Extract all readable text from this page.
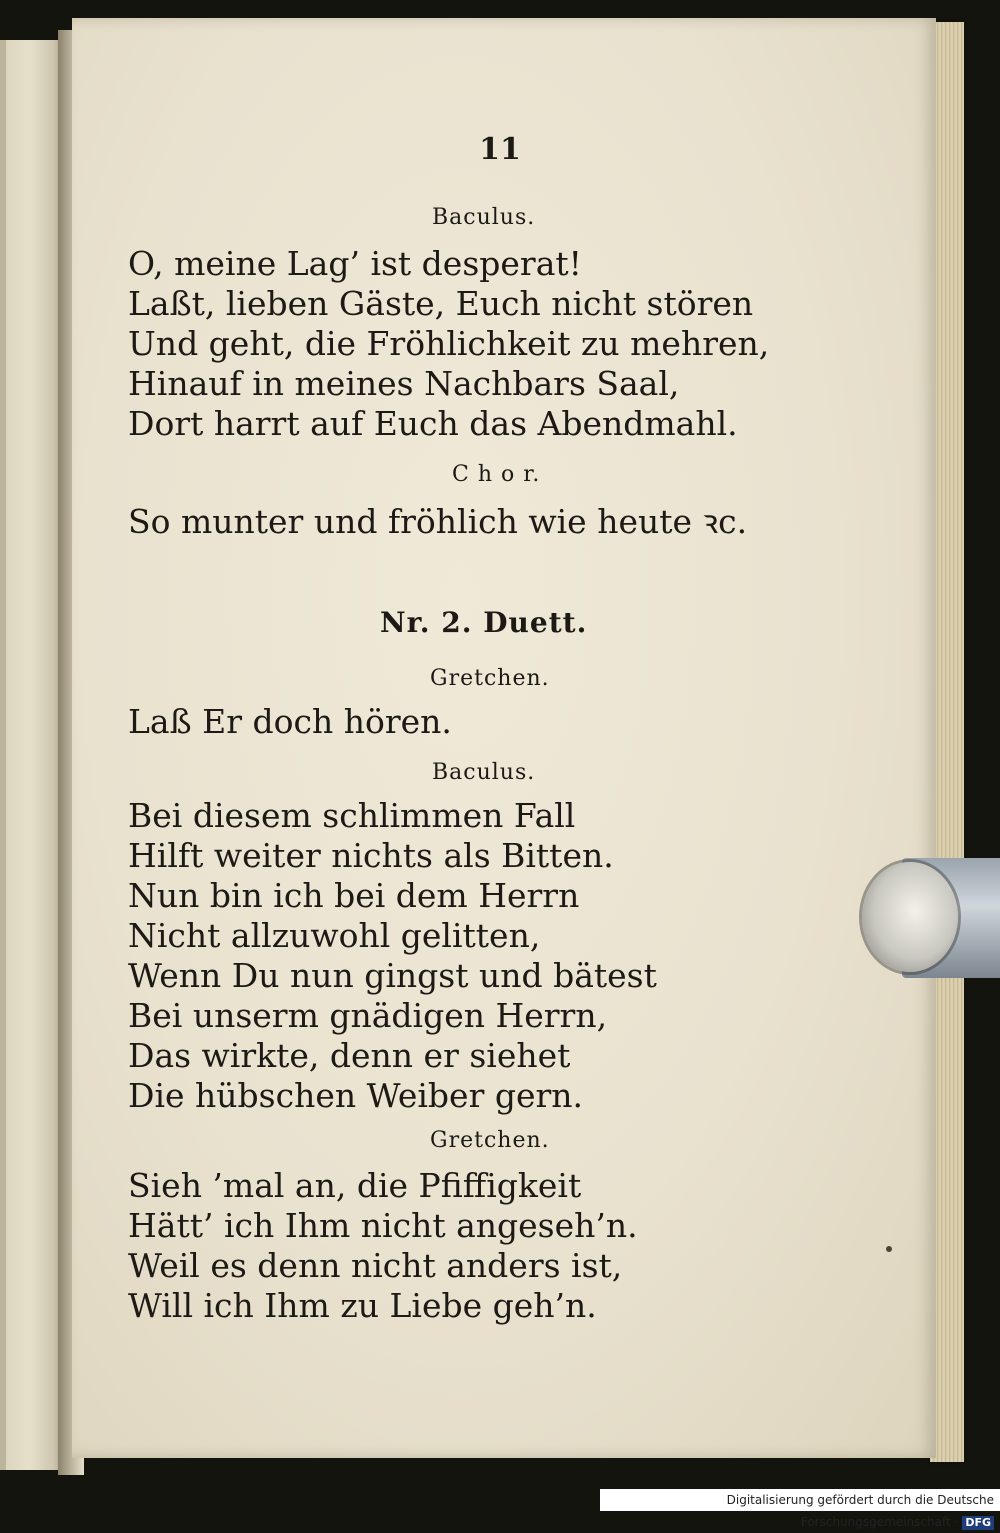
11
Baculus.
O, meine Lag’ ist desperat!
Laßt, lieben Gäste, Euch nicht stören
Und geht, die Fröhlichkeit zu mehren,
Hinauf in meines Nachbars Saal,
Dort harrt auf Euch das Abendmahl.
C h o r.
So munter und fröhlich wie heute ꝛc.
Nr. 2. Duett.
Gretchen.
Laß Er doch hören.
Baculus.
Bei diesem schlimmen Fall
Hilft weiter nichts als Bitten.
Nun bin ich bei dem Herrn
Nicht allzuwohl gelitten,
Wenn Du nun gingst und bätest
Bei unserm gnädigen Herrn,
Das wirkte, denn er siehet
Die hübschen Weiber gern.
Gretchen.
Sieh ’mal an, die Pfiffigkeit
Hätt’ ich Ihm nicht angeseh’n.
Weil es denn nicht anders ist,
Will ich Ihm zu Liebe geh’n.
Digitalisierung gefördert durch die Deutsche Forschungsgemeinschaft · DFG
